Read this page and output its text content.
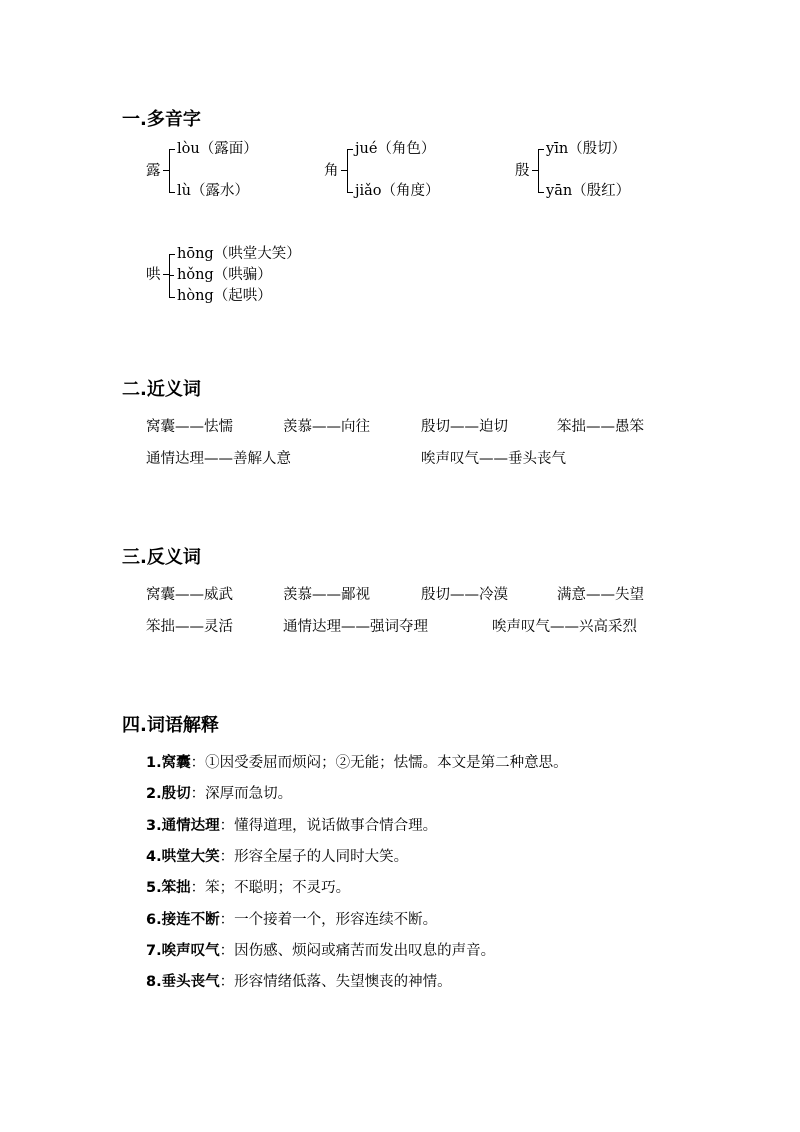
一.多音字
露
lòu（露面）
lù（露水）
角
jué（角色）
jiǎo（角度）
殷
yīn（殷切）
yān（殷红）
哄
hōng（哄堂大笑）
hǒng（哄骗）
hòng（起哄）
二.近义词
窝囊——怯懦	羡慕——向往	殷切——迫切	笨拙——愚笨
通情达理——善解人意	唉声叹气——垂头丧气
三.反义词
窝囊——威武	羡慕——鄙视	殷切——冷漠	满意——失望
笨拙——灵活	通情达理——强词夺理	唉声叹气——兴高采烈
四.词语解释
1.窝囊：①因受委屈而烦闷；②无能；怯懦。本文是第二种意思。
2.殷切：深厚而急切。
3.通情达理：懂得道理，说话做事合情合理。
4.哄堂大笑：形容全屋子的人同时大笑。
5.笨拙：笨；不聪明；不灵巧。
6.接连不断：一个接着一个，形容连续不断。
7.唉声叹气：因伤感、烦闷或痛苦而发出叹息的声音。
8.垂头丧气：形容情绪低落、失望懊丧的神情。
